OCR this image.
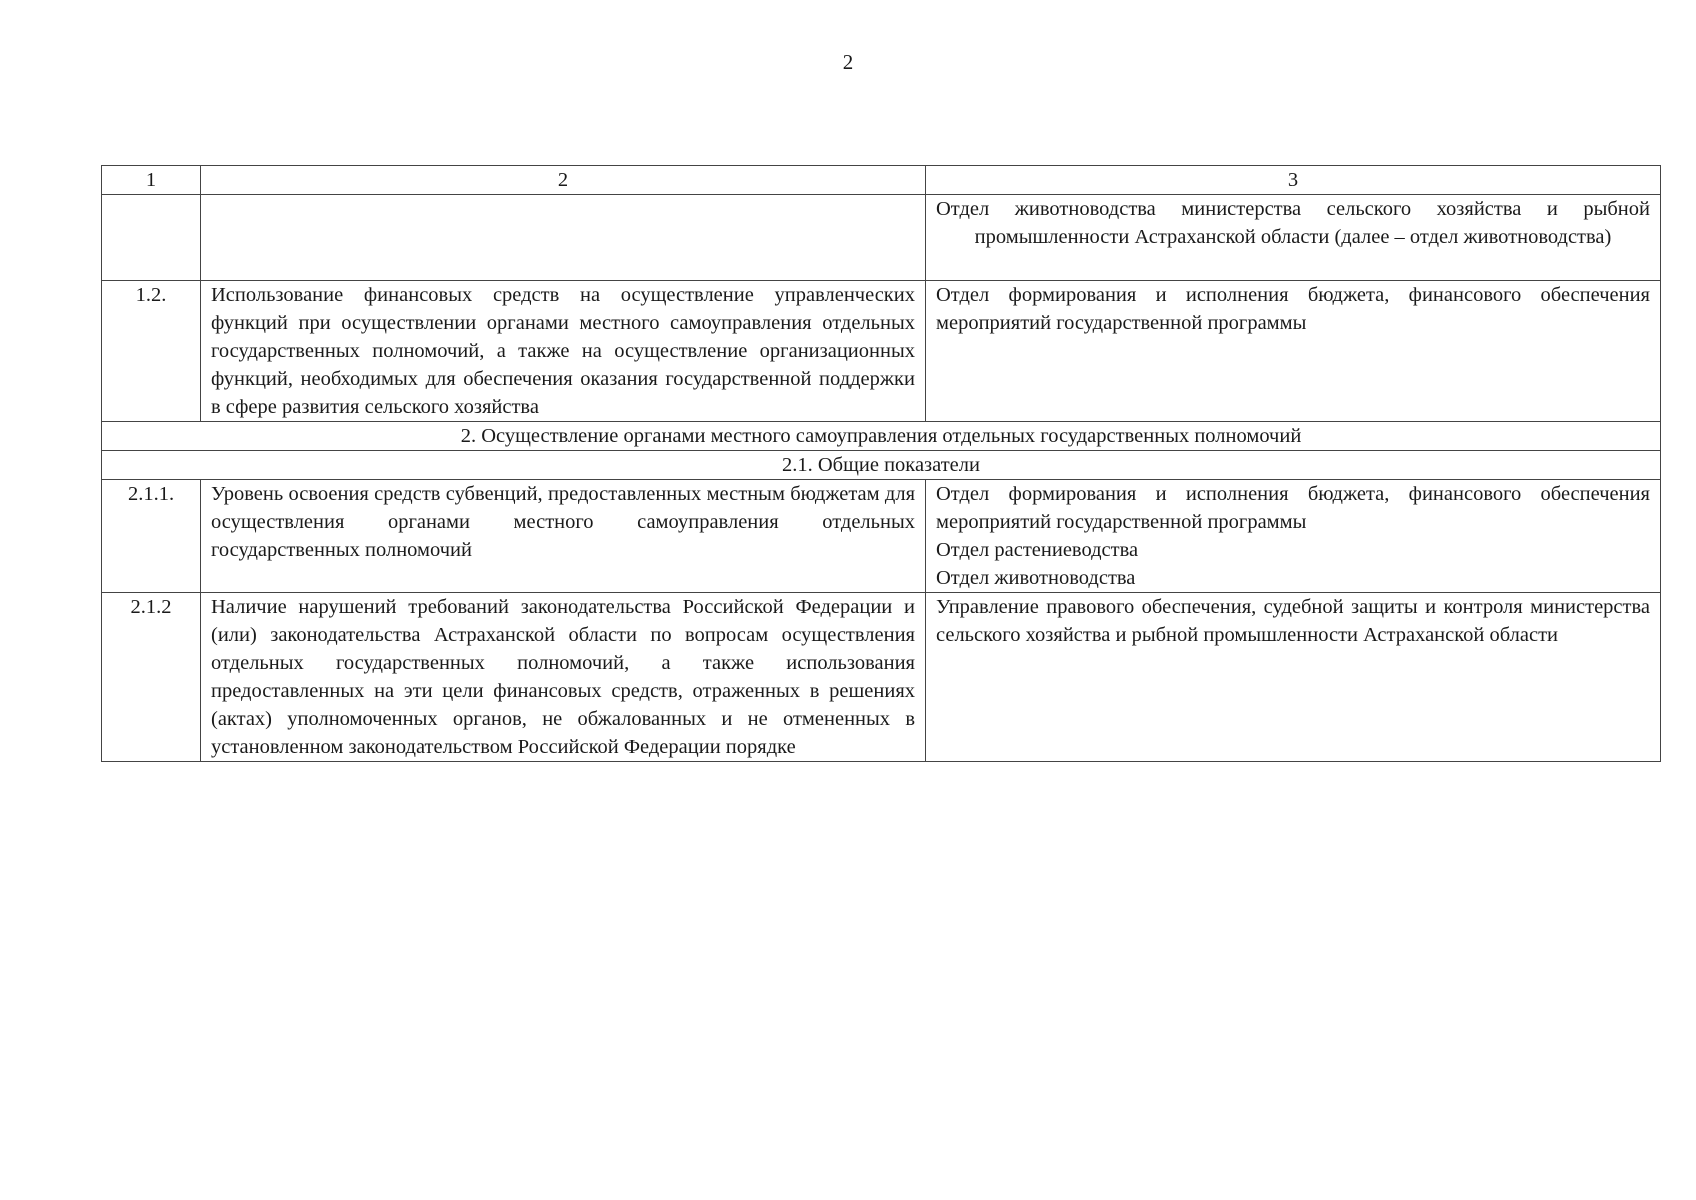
2
1	2	3
		Отдел животноводства министерства сельского хозяйства и рыбной промышленности Астраханской области (далее – отдел животноводства)
1.2.	Использование финансовых средств на осуществление управленческих функций при осуществлении органами местного самоуправления отдельных государственных полномочий, а также на осуществление организационных функций, необходимых для обеспечения оказания государственной поддержки в сфере развития сельского хозяйства	Отдел формирования и исполнения бюджета, финансового обеспечения мероприятий государственной программы
2. Осуществление органами местного самоуправления отдельных государственных полномочий		
2.1. Общие показатели		
2.1.1.	Уровень освоения средств субвенций, предоставленных местным бюджетам для осуществления органами местного самоуправления отдельных государственных полномочий	Отдел формирования и исполнения бюджета, финансового обеспечения мероприятий государственной программы
Отдел растениеводства
Отдел животноводства

2.1.2	Наличие нарушений требований законодательства Российской Федерации и (или) законодательства Астраханской области по вопросам осуществления отдельных государственных полномочий, а также использования предоставленных на эти цели финансовых средств, отраженных в решениях (актах) уполномоченных органов, не обжалованных и не отмененных в установленном законодательством Российской Федерации порядке	Управление правового обеспечения, судебной защиты и контроля министерства сельского хозяйства и рыбной промышленности Астраханской области
